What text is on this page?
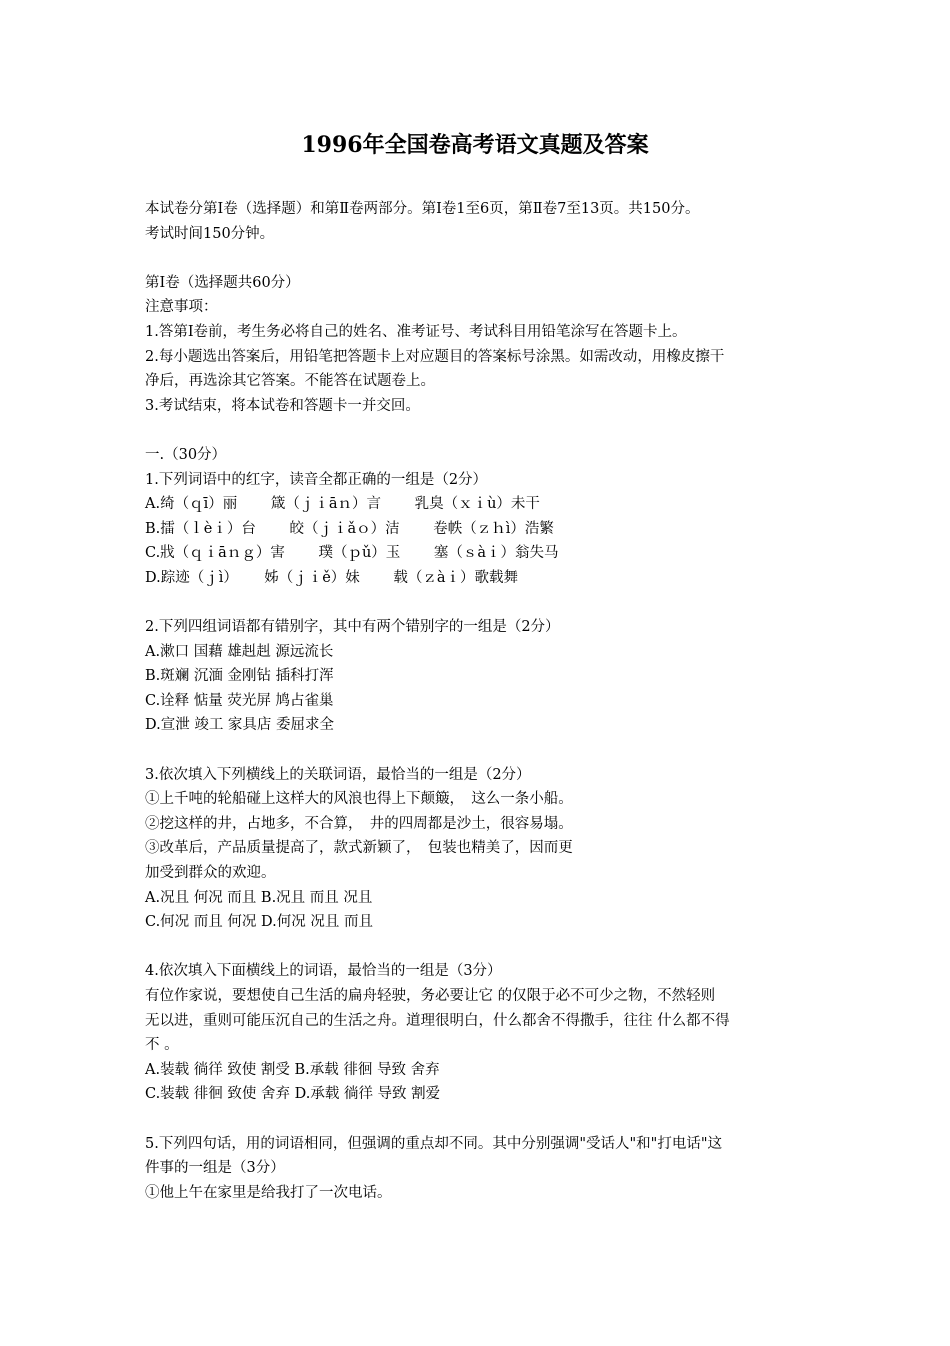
1996年全国卷高考语文真题及答案
本试卷分第Ⅰ卷（选择题）和第Ⅱ卷两部分。第Ⅰ卷1至6页，第Ⅱ卷7至13页。共150分。
考试时间150分钟。
第Ⅰ卷（选择题共60分）
注意事项：
1.答第Ⅰ卷前，考生务必将自己的姓名、准考证号、考试科目用铅笔涂写在答题卡上。
2.每小题选出答案后，用铅笔把答题卡上对应题目的答案标号涂黑。如需改动，用橡皮擦干
净后，再选涂其它答案。不能答在试题卷上。
3.考试结束，将本试卷和答题卡一并交回。
一.（30分）
1.下列词语中的红字，读音全都正确的一组是（2分）
A.绮（ｑī）丽　　 箴（ｊｉāｎ）言　　 乳臭（ｘｉù）未干
B.擂（ｌèｉ）台　　 皎（ｊｉǎｏ）洁　　 卷帙（ｚｈì）浩繁
C.戕（ｑｉāｎｇ）害　　 璞（ｐǔ）玉　　 塞（ｓàｉ）翁失马
D.踪迹（ｊì）　　 姊（ｊｉě）妹　　 载（ｚàｉ）歌载舞
2.下列四组词语都有错别字，其中有两个错别字的一组是（2分）
A.漱口 国藉 雄赳赳 源远流长
B.斑斓 沉湎 金刚钻 插科打浑
C.诠释 惦量 荧光屏 鸠占雀巢
D.宣泄 竣工 家具店 委屈求全
3.依次填入下列横线上的关联词语，最恰当的一组是（2分）
①上千吨的轮船碰上这样大的风浪也得上下颠簸，　这么一条小船。
②挖这样的井，占地多，不合算，　井的四周都是沙土，很容易塌。
③改革后，产品质量提高了，款式新颖了，　包装也精美了，因而更
加受到群众的欢迎。
A.况且 何况 而且 B.况且 而且 况且
C.何况 而且 何况 D.何况 况且 而且
4.依次填入下面横线上的词语，最恰当的一组是（3分）
有位作家说，要想使自己生活的扁舟轻驶，务必要让它 的仅限于必不可少之物，不然轻则
无以进，重则可能压沉自己的生活之舟。道理很明白，什么都舍不得撒手，往往 什么都不得
不 。
A.装载 徜徉 致使 割受 B.承载 徘徊 导致 舍弃
C.装载 徘徊 致使 舍弃 D.承载 徜徉 导致 割爱
5.下列四句话，用的词语相同，但强调的重点却不同。其中分别强调"受话人"和"打电话"这
件事的一组是（3分）
①他上午在家里是给我打了一次电话。
